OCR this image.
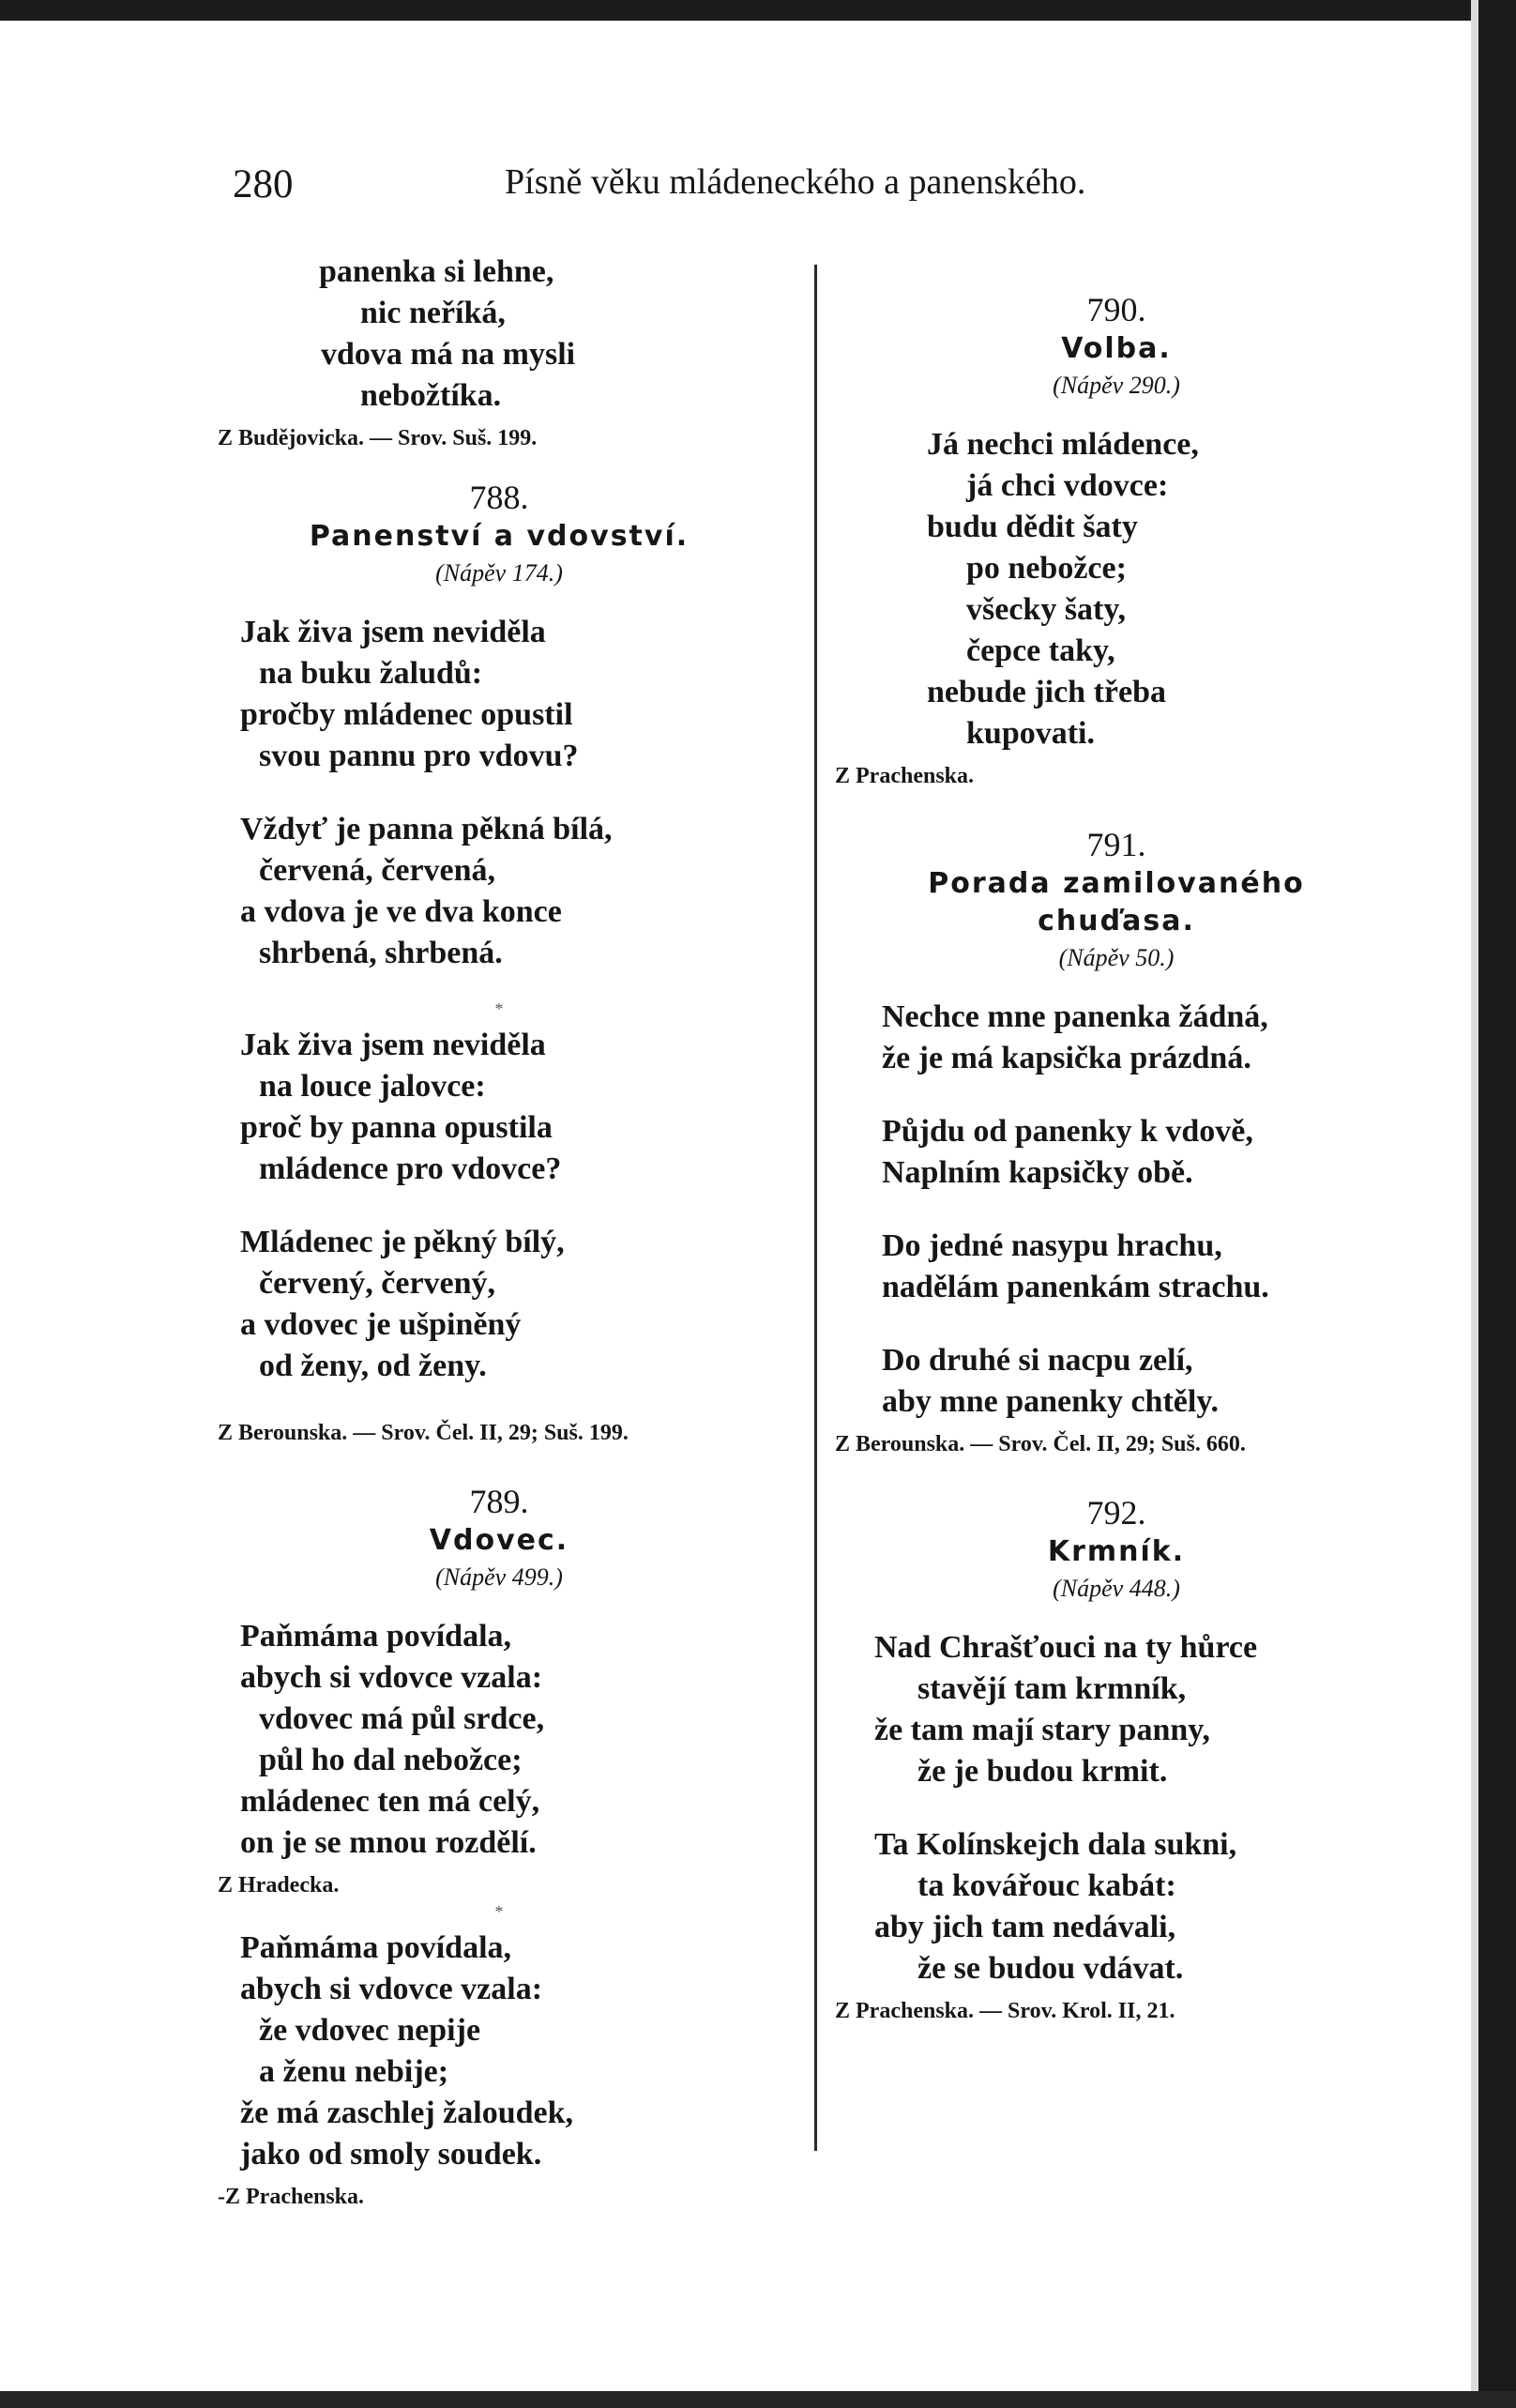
280	Písně věku mládeneckého a panenského.
panenka si lehne,
nic neříká,
vdova má na mysli
nebožtíka.
Z Budějovicka. — Srov. Suš. 199.
788.
Panenství a vdovství.
(Nápěv 174.)
Jak živa jsem neviděla
na buku žaludů:
pročby mládenec opustil
svou pannu pro vdovu?
Vždyť je panna pěkná bílá,
červená, červená,
a vdova je ve dva konce
shrbená, shrbená.
*
Jak živa jsem neviděla
na louce jalovce:
proč by panna opustila
mládence pro vdovce?
Mládenec je pěkný bílý,
červený, červený,
a vdovec je ušpiněný
od ženy, od ženy.
Z Berounska. — Srov. Čel. II, 29; Suš. 199.
789.
Vdovec.
(Nápěv 499.)
Paňmáma povídala,
abych si vdovce vzala:
vdovec má půl srdce,
půl ho dal nebožce;
mládenec ten má celý,
on je se mnou rozdělí.
Z Hradecka.
*
Paňmáma povídala,
abych si vdovce vzala:
že vdovec nepije
a ženu nebije;
že má zaschlej žaloudek,
jako od smoly soudek.
-Z Prachenska.
790.
Volba.
(Nápěv 290.)
Já nechci mládence,
já chci vdovce:
budu dědit šaty
po nebožce;
všecky šaty,
čepce taky,
nebude jich třeba
kupovati.
Z Prachenska.
791.
Porada zamilovaného
chuďasa.
(Nápěv 50.)
Nechce mne panenka žádná,
že je má kapsička prázdná.
Půjdu od panenky k vdově,
Naplním kapsičky obě.
Do jedné nasypu hrachu,
nadělám panenkám strachu.
Do druhé si nacpu zelí,
aby mne panenky chtěly.
Z Berounska. — Srov. Čel. II, 29; Suš. 660.
792.
Krmník.
(Nápěv 448.)
Nad Chrašťouci na ty hůrce
stavějí tam krmník,
že tam mají stary panny,
že je budou krmit.
Ta Kolínskejch dala sukni,
ta kovářouc kabát:
aby jich tam nedávali,
že se budou vdávat.
Z Prachenska. — Srov. Krol. II, 21.
